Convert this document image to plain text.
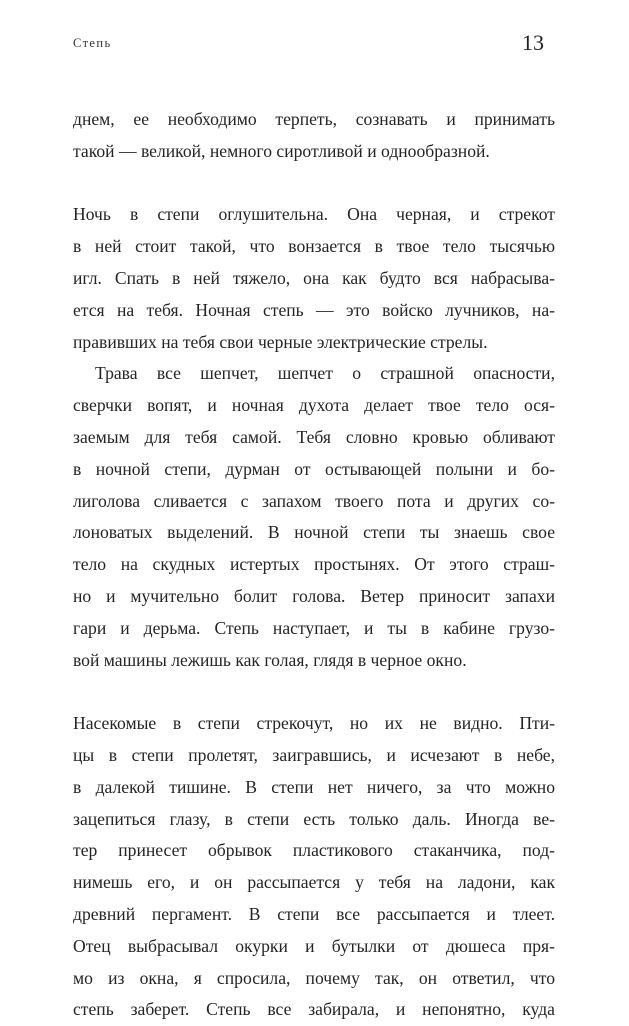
Степь	13
днем, ее необходимо терпеть, сознавать и принимать
такой — великой, немного сиротливой и однообразной.
Ночь в степи оглушительна. Она черная, и стрекот
в ней стоит такой, что вонзается в твое тело тысячью
игл. Спать в ней тяжело, она как будто вся набрасыва-
ется на тебя. Ночная степь — это войско лучников, на-
правивших на тебя свои черные электрические стрелы.
Трава все шепчет, шепчет о страшной опасности,
сверчки вопят, и ночная духота делает твое тело ося-
заемым для тебя самой. Тебя словно кровью обливают
в ночной степи, дурман от остывающей полыни и бо-
лиголова сливается с запахом твоего пота и других со-
лоноватых выделений. В ночной степи ты знаешь свое
тело на скудных истертых простынях. От этого страш-
но и мучительно болит голова. Ветер приносит запахи
гари и дерьма. Степь наступает, и ты в кабине грузо-
вой машины лежишь как голая, глядя в черное окно.
Насекомые в степи стрекочут, но их не видно. Пти-
цы в степи пролетят, заигравшись, и исчезают в небе,
в далекой тишине. В степи нет ничего, за что можно
зацепиться глазу, в степи есть только даль. Иногда ве-
тер принесет обрывок пластикового стаканчика, под-
нимешь его, и он рассыпается у тебя на ладони, как
древний пергамент. В степи все рассыпается и тлеет.
Отец выбрасывал окурки и бутылки от дюшеса пря-
мо из окна, я спросила, почему так, он ответил, что
степь заберет. Степь все забирала, и непонятно, куда
